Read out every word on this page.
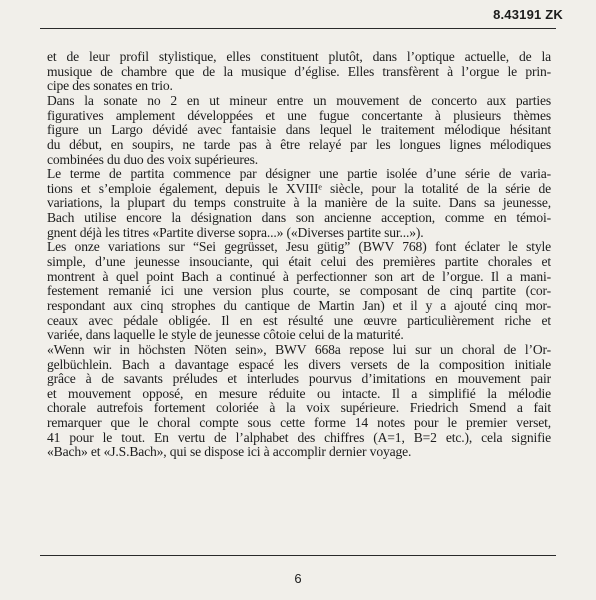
8.43191 ZK
et de leur profil stylistique, elles constituent plutôt, dans l’optique actuelle, de la
musique de chambre que de la musique d’église. Elles transfèrent à l’orgue le prin-
cipe des sonates en trio.
Dans la sonate no 2 en ut mineur entre un mouvement de concerto aux parties
figuratives amplement développées et une fugue concertante à plusieurs thèmes
figure un Largo dévidé avec fantaisie dans lequel le traitement mélodique hésitant
du début, en soupirs, ne tarde pas à être relayé par les longues lignes mélodiques
combinées du duo des voix supérieures.
Le terme de partita commence par désigner une partie isolée d’une série de varia-
tions et s’emploie également, depuis le XVIIIᵉ siècle, pour la totalité de la série de
variations, la plupart du temps construite à la manière de la suite. Dans sa jeunesse,
Bach utilise encore la désignation dans son ancienne acception, comme en témoi-
gnent déjà les titres «Partite diverse sopra...» («Diverses partite sur...»).
Les onze variations sur “Sei gegrüsset, Jesu gütig” (BWV 768) font éclater le style
simple, d’une jeunesse insouciante, qui était celui des premières partite chorales et
montrent à quel point Bach a continué à perfectionner son art de l’orgue. Il a mani-
festement remanié ici une version plus courte, se composant de cinq partite (cor-
respondant aux cinq strophes du cantique de Martin Jan) et il y a ajouté cinq mor-
ceaux avec pédale obligée. Il en est résulté une œuvre particulièrement riche et
variée, dans laquelle le style de jeunesse côtoie celui de la maturité.
«Wenn wir in höchsten Nöten sein», BWV 668a repose lui sur un choral de l’Or-
gelbüchlein. Bach a davantage espacé les divers versets de la composition initiale
grâce à de savants préludes et interludes pourvus d’imitations en mouvement pair
et mouvement opposé, en mesure réduite ou intacte. Il a simplifié la mélodie
chorale autrefois fortement coloriée à la voix supérieure. Friedrich Smend a fait
remarquer que le choral compte sous cette forme 14 notes pour le premier verset,
41 pour le tout. En vertu de l’alphabet des chiffres (A=1, B=2 etc.), cela signifie
«Bach» et «J.S.Bach», qui se dispose ici à accomplir dernier voyage.
6
